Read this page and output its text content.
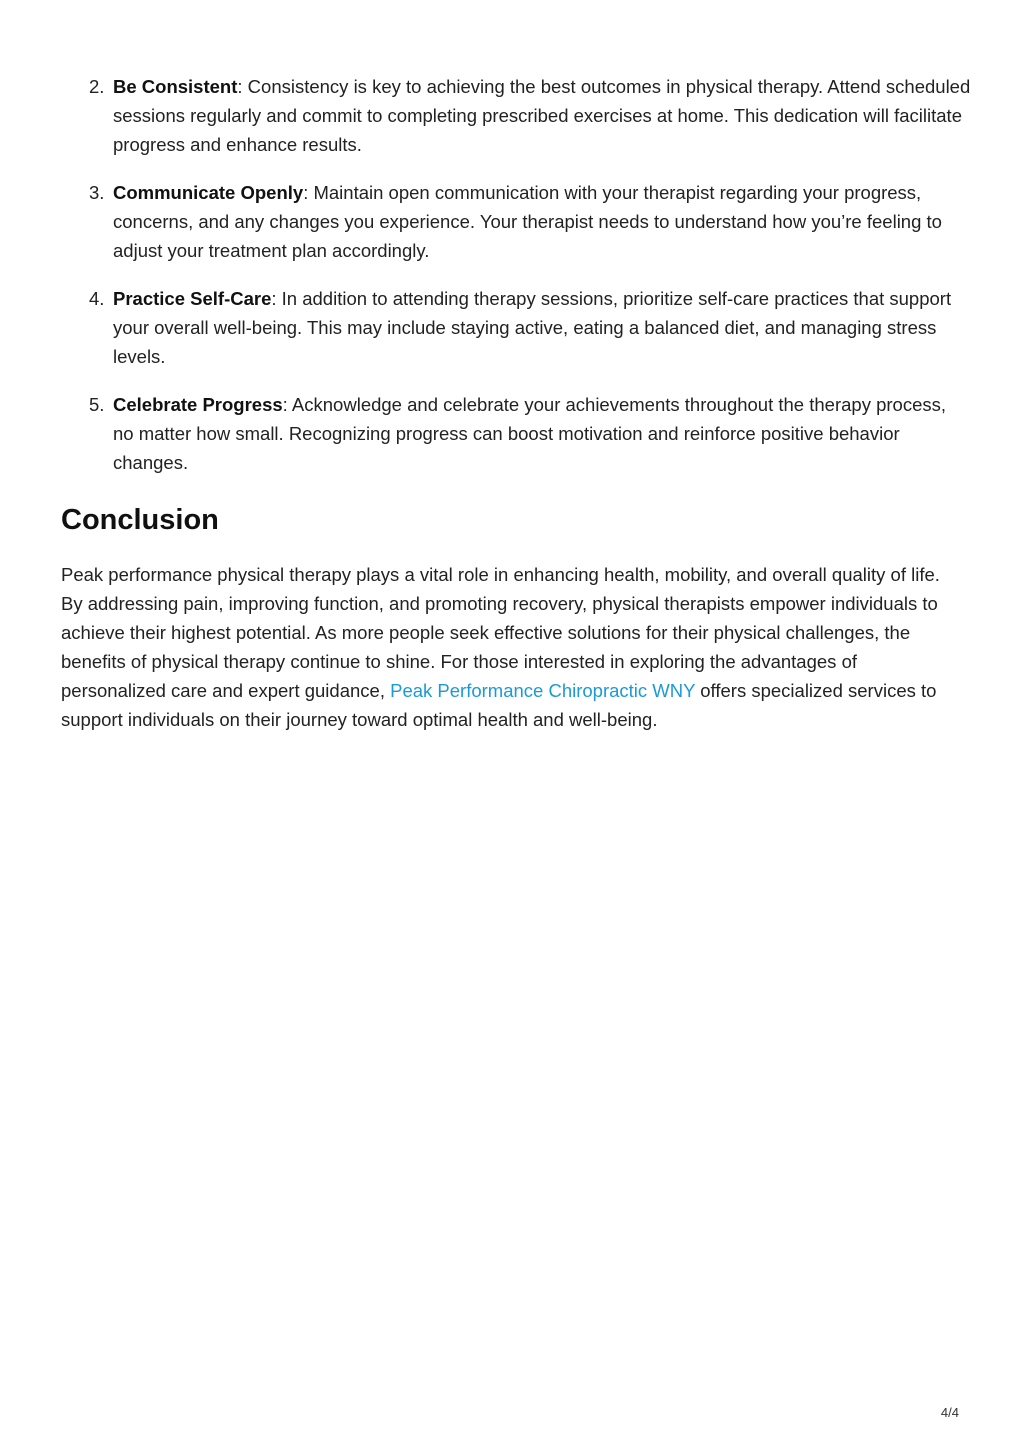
2. Be Consistent: Consistency is key to achieving the best outcomes in physical therapy. Attend scheduled sessions regularly and commit to completing prescribed exercises at home. This dedication will facilitate progress and enhance results.
3. Communicate Openly: Maintain open communication with your therapist regarding your progress, concerns, and any changes you experience. Your therapist needs to understand how you’re feeling to adjust your treatment plan accordingly.
4. Practice Self-Care: In addition to attending therapy sessions, prioritize self-care practices that support your overall well-being. This may include staying active, eating a balanced diet, and managing stress levels.
5. Celebrate Progress: Acknowledge and celebrate your achievements throughout the therapy process, no matter how small. Recognizing progress can boost motivation and reinforce positive behavior changes.
Conclusion

Peak performance physical therapy plays a vital role in enhancing health, mobility, and overall quality of life. By addressing pain, improving function, and promoting recovery, physical therapists empower individuals to achieve their highest potential. As more people seek effective solutions for their physical challenges, the benefits of physical therapy continue to shine. For those interested in exploring the advantages of personalized care and expert guidance, Peak Performance Chiropractic WNY offers specialized services to support individuals on their journey toward optimal health and well-being.

4/4
